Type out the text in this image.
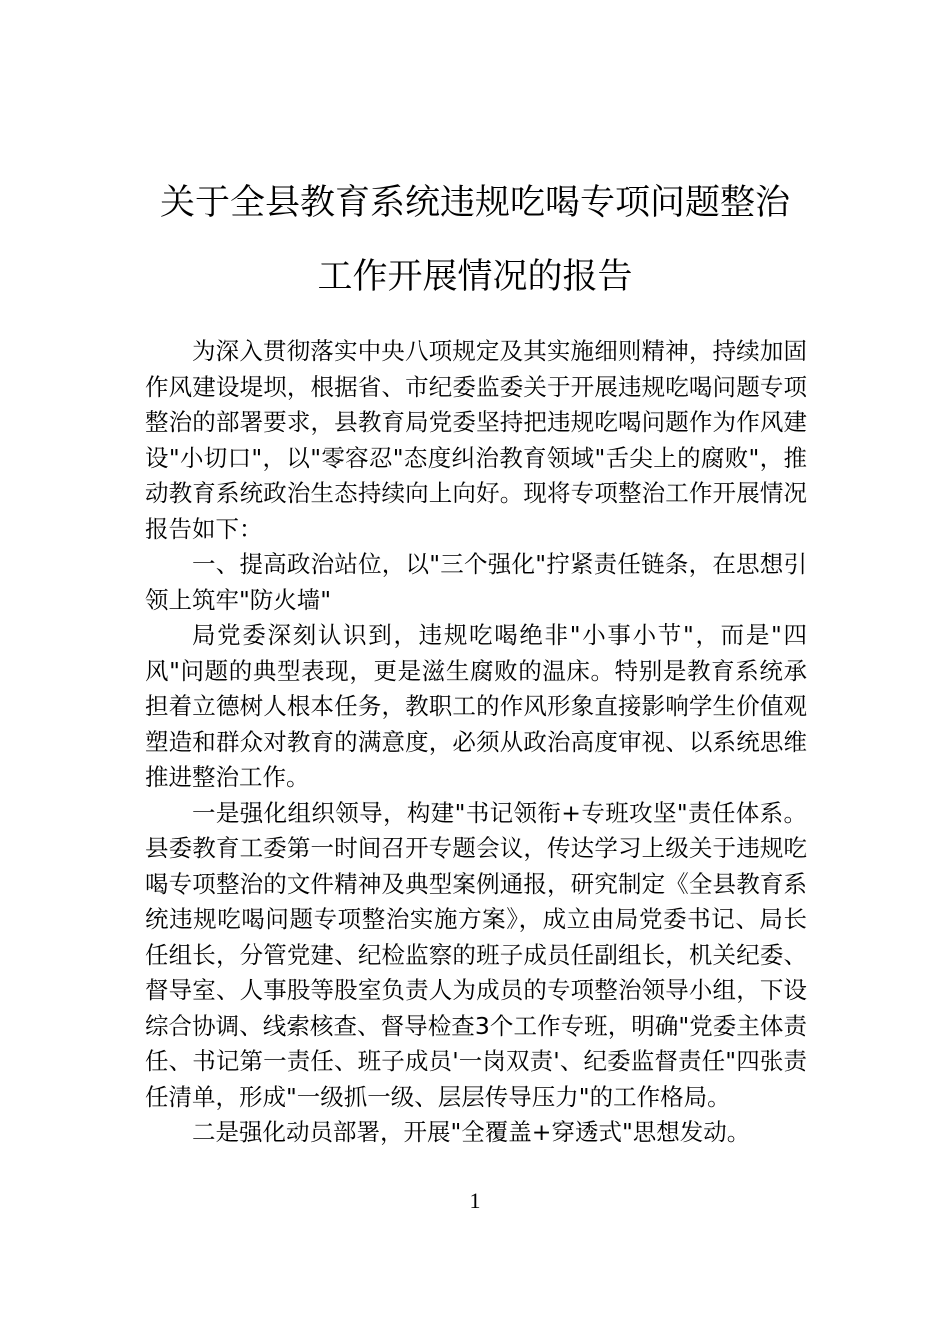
关于全县教育系统违规吃喝专项问题整治
工作开展情况的报告

为深入贯彻落实中央八项规定及其实施细则精神，持续加固作风建设堤坝，根据省、市纪委监委关于开展违规吃喝问题专项整治的部署要求，县教育局党委坚持把违规吃喝问题作为作风建设"小切口"，以"零容忍"态度纠治教育领域"舌尖上的腐败"，推动教育系统政治生态持续向上向好。现将专项整治工作开展情况报告如下：

一、提高政治站位，以"三个强化"拧紧责任链条，在思想引领上筑牢"防火墙"

局党委深刻认识到，违规吃喝绝非"小事小节"，而是"四风"问题的典型表现，更是滋生腐败的温床。特别是教育系统承担着立德树人根本任务，教职工的作风形象直接影响学生价值观塑造和群众对教育的满意度，必须从政治高度审视、以系统思维推进整治工作。

一是强化组织领导，构建"书记领衔+专班攻坚"责任体系。县委教育工委第一时间召开专题会议，传达学习上级关于违规吃喝专项整治的文件精神及典型案例通报，研究制定《全县教育系统违规吃喝问题专项整治实施方案》，成立由局党委书记、局长任组长，分管党建、纪检监察的班子成员任副组长，机关纪委、督导室、人事股等股室负责人为成员的专项整治领导小组，下设综合协调、线索核查、督导检查3个工作专班，明确"党委主体责任、书记第一责任、班子成员'一岗双责'、纪委监督责任"四张责任清单，形成"一级抓一级、层层传导压力"的工作格局。

二是强化动员部署，开展"全覆盖+穿透式"思想发动。

1
